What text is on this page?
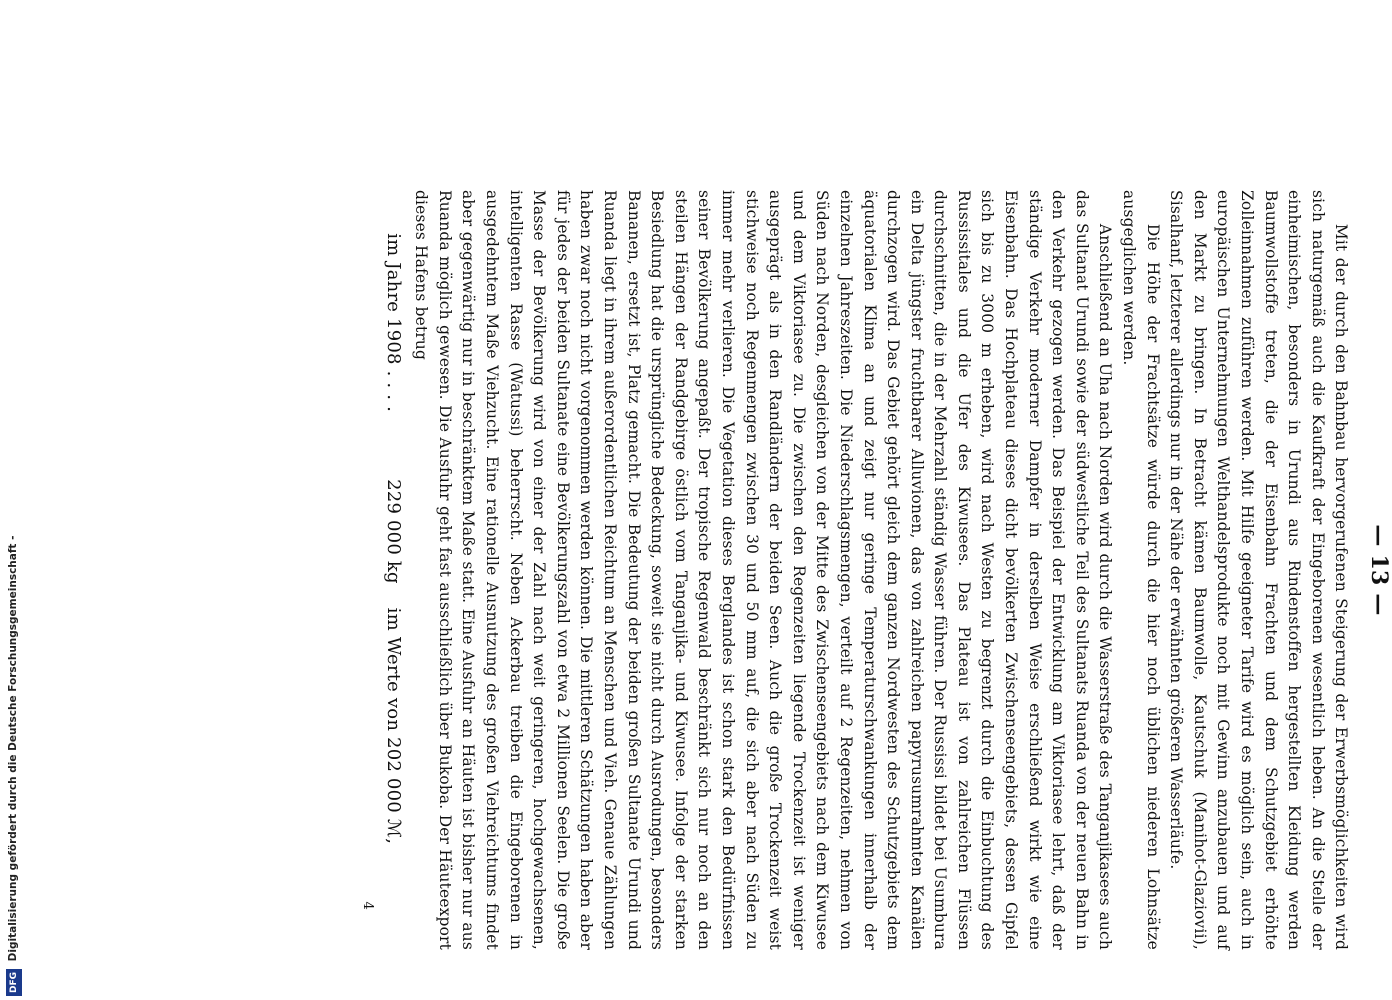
— 13 —

Mit der durch den Bahnbau hervorgerufenen Steigerung der Erwerbsmöglichkeiten wird sich naturgemäß auch die Kaufkraft der Eingeborenen wesentlich heben. An die Stelle der einheimischen, besonders in Urundi aus Rindenstoffen hergestellten Kleidung werden Baumwollstoffe treten, die der Eisenbahn Frachten und dem Schutzgebiet erhöhte Zolleinnahmen zuführen werden. Mit Hilfe geeigneter Tarife wird es möglich sein, auch in europäischen Unternehmungen Welthandelsprodukte noch mit Gewinn anzubauen und auf den Markt zu bringen. In Betracht kämen Baumwolle, Kautschuk (Manihot-Glaziovii), Sisalhanf, letzterer allerdings nur in der Nähe der erwähnten größeren Wasserläufe.

Die Höhe der Frachtsätze würde durch die hier noch üblichen niederen Lohnsätze ausgeglichen werden.

Anschließend an Uha nach Norden wird durch die Wasserstraße des Tanganjikasees auch das Sultanat Urundi sowie der südwestliche Teil des Sultanats Ruanda von der neuen Bahn in den Verkehr gezogen werden. Das Beispiel der Entwicklung am Viktoriasee lehrt, daß der ständige Verkehr moderner Dampfer in derselben Weise erschließend wirkt wie eine Eisenbahn. Das Hochplateau dieses dicht bevölkerten Zwischenseengebiets, dessen Gipfel sich bis zu 3000 m erheben, wird nach Westen zu begrenzt durch die Einbuchtung des Russissitales und die Ufer des Kiwusees. Das Plateau ist von zahlreichen Flüssen durchschnitten, die in der Mehrzahl ständig Wasser führen. Der Russissi bildet bei Usumbura ein Delta jüngster fruchtbarer Alluvionen, das von zahlreichen papyrusumrahmten Kanälen durchzogen wird. Das Gebiet gehört gleich dem ganzen Nordwesten des Schutzgebiets dem äquatorialen Klima an und zeigt nur geringe Temperaturschwankungen innerhalb der einzelnen Jahreszeiten. Die Niederschlagsmengen, verteilt auf 2 Regenzeiten, nehmen von Süden nach Norden, desgleichen von der Mitte des Zwischenseengebiets nach dem Kiwusee und dem Viktoriasee zu. Die zwischen den Regenzeiten liegende Trockenzeit ist weniger ausgeprägt als in den Randländern der beiden Seen. Auch die große Trockenzeit weist stichweise noch Regenmengen zwischen 30 und 50 mm auf, die sich aber nach Süden zu immer mehr verlieren. Die Vegetation dieses Berglandes ist schon stark den Bedürfnissen seiner Bevölkerung angepaßt. Der tropische Regenwald beschränkt sich nur noch an den steilen Hängen der Randgebirge östlich vom Tanganjika- und Kiwusee. Infolge der starken Besiedlung hat die ursprüngliche Bedeckung, soweit sie nicht durch Ausrodungen, besonders Bananen, ersetzt ist, Platz gemacht. Die Bedeutung der beiden großen Sultanate Urundi und Ruanda liegt in ihrem außerordentlichen Reichtum an Menschen und Vieh. Genaue Zählungen haben zwar noch nicht vorgenommen werden können. Die mittleren Schätzungen haben aber für jedes der beiden Sultanate eine Bevölkerungszahl von etwa 2 Millionen Seelen. Die große Masse der Bevölkerung wird von einer der Zahl nach weit geringeren, hochgewachsenen, intelligenten Rasse (Watussi) beherrscht. Neben Ackerbau treiben die Eingeborenen in ausgedehntem Maße Viehzucht. Eine rationelle Ausnutzung des großen Viehreichtums findet aber gegenwärtig nur in beschränktem Maße statt. Eine Ausfuhr an Häuten ist bisher nur aus Ruanda möglich gewesen. Die Ausfuhr geht fast ausschließlich über Bukoba. Der Häuteexport dieses Hafens betrug

im Jahre 1908 . . . . 229 000 kg im Werte von 202 000 ℳ,
4
DFG Digitalisierung gefördert durch die Deutsche Forschungsgemeinschaft -
